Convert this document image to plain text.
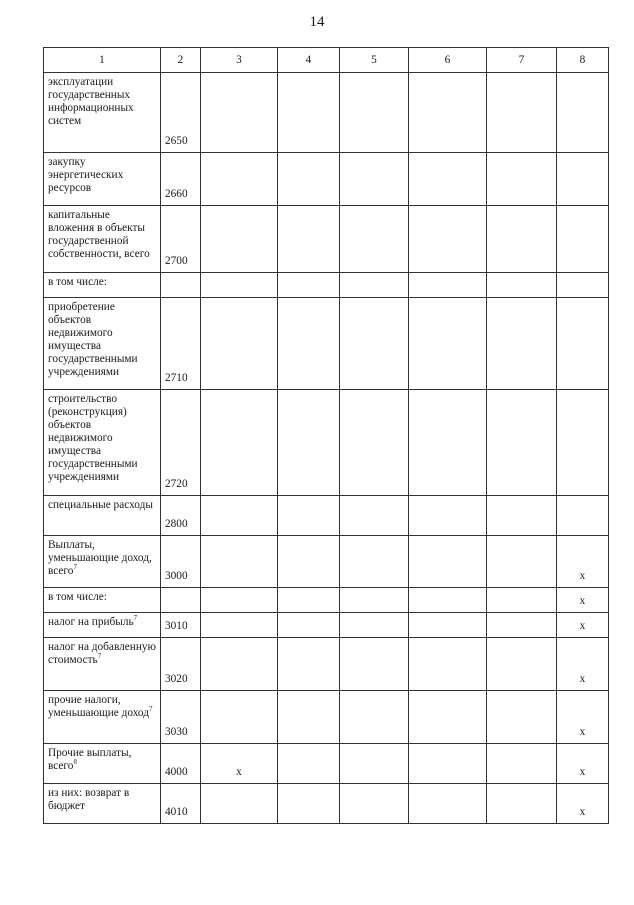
14
1	2	3	4	5	6	7	8
эксплуатации государственных информационных систем	2650						
закупку энергетических ресурсов	2660						
капитальные вложения в объекты государственной собственности, всего	2700						
в том числе:							
приобретение объектов недвижимого имущества государственными учреждениями	2710						
строительство (реконструкция) объектов недвижимого имущества государственными учреждениями	2720						
специальные расходы	2800						
Выплаты, уменьшающие доход, всего$^7$	3000						x
в том числе:							x
налог на прибыль$^7$	3010						x
налог на добавленную стоимость$^7$	3020						x
прочие налоги, уменьшающие доход$^7$	3030						x
Прочие выплаты, всего$^8$	4000	x					x
из них: возврат в бюджет	4010						x
